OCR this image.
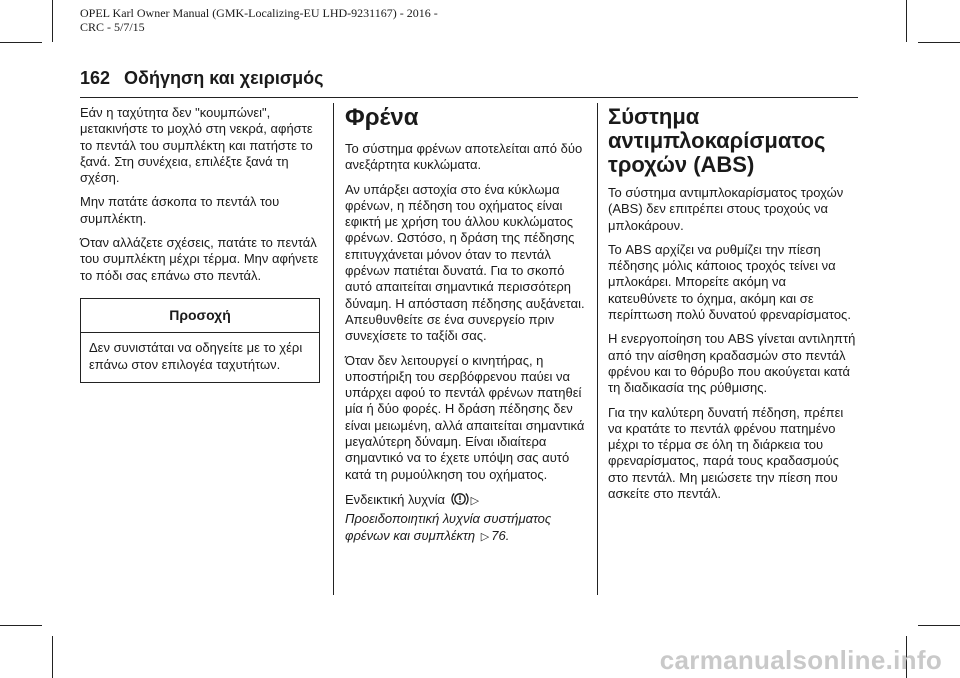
OPEL Karl Owner Manual (GMK-Localizing-EU LHD-9231167) - 2016 -
CRC - 5/7/15
162 Οδήγηση και χειρισμός

Εάν η ταχύτητα δεν "κουμπώνει", μετακινήστε το μοχλό στη νεκρά, αφήστε το πεντάλ του συμπλέκτη και πατήστε το ξανά. Στη συνέχεια, επιλέξτε ξανά τη σχέση.

Μην πατάτε άσκοπα το πεντάλ του συμπλέκτη.

Όταν αλλάζετε σχέσεις, πατάτε το πεντάλ του συμπλέκτη μέχρι τέρμα. Μην αφήνετε το πόδι σας επάνω στο πεντάλ.

Προσοχή
Δεν συνιστάται να οδηγείτε με το χέρι επάνω στον επιλογέα ταχυτήτων.
Φρένα

Το σύστημα φρένων αποτελείται από δύο ανεξάρτητα κυκλώματα.

Αν υπάρξει αστοχία στο ένα κύκλωμα φρένων, η πέδηση του οχήματος είναι εφικτή με χρήση του άλλου κυκλώματος φρένων. Ωστόσο, η δράση της πέδησης επιτυγχάνεται μόνον όταν το πεντάλ φρένων πατιέται δυνατά. Για το σκοπό αυτό απαιτείται σημαντικά περισσότερη δύναμη. Η απόσταση πέδησης αυξάνεται. Απευθυνθείτε σε ένα συνεργείο πριν συνεχίσετε το ταξίδι σας.

Όταν δεν λειτουργεί ο κινητήρας, η υποστήριξη του σερβόφρενου παύει να υπάρχει αφού το πεντάλ φρένων πατηθεί μία ή δύο φορές. Η δράση πέδησης δεν είναι μειωμένη, αλλά απαιτείται σημαντικά μεγαλύτερη δύναμη. Είναι ιδιαίτερα σημαντικό να το έχετε υπόψη σας αυτό κατά τη ρυμούλκηση του οχήματος.

Ενδεικτική λυχνία ▷
Προειδοποιητική λυχνία συστήματος φρένων και συμπλέκτη ▷ 76.

Σύστημα αντιμπλοκαρίσματος τροχών (ABS)

Το σύστημα αντιμπλοκαρίσματος τροχών (ABS) δεν επιτρέπει στους τροχούς να μπλοκάρουν.

Το ABS αρχίζει να ρυθμίζει την πίεση πέδησης μόλις κάποιος τροχός τείνει να μπλοκάρει. Μπορείτε ακόμη να κατευθύνετε το όχημα, ακόμη και σε περίπτωση πολύ δυνατού φρεναρίσματος.

Η ενεργοποίηση του ABS γίνεται αντιληπτή από την αίσθηση κραδασμών στο πεντάλ φρένου και το θόρυβο που ακούγεται κατά τη διαδικασία της ρύθμισης.

Για την καλύτερη δυνατή πέδηση, πρέπει να κρατάτε το πεντάλ φρένου πατημένο μέχρι το τέρμα σε όλη τη διάρκεια του φρεναρίσματος, παρά τους κραδασμούς στο πεντάλ. Μη μειώσετε την πίεση που ασκείτε στο πεντάλ.

carmanualsonline.info
